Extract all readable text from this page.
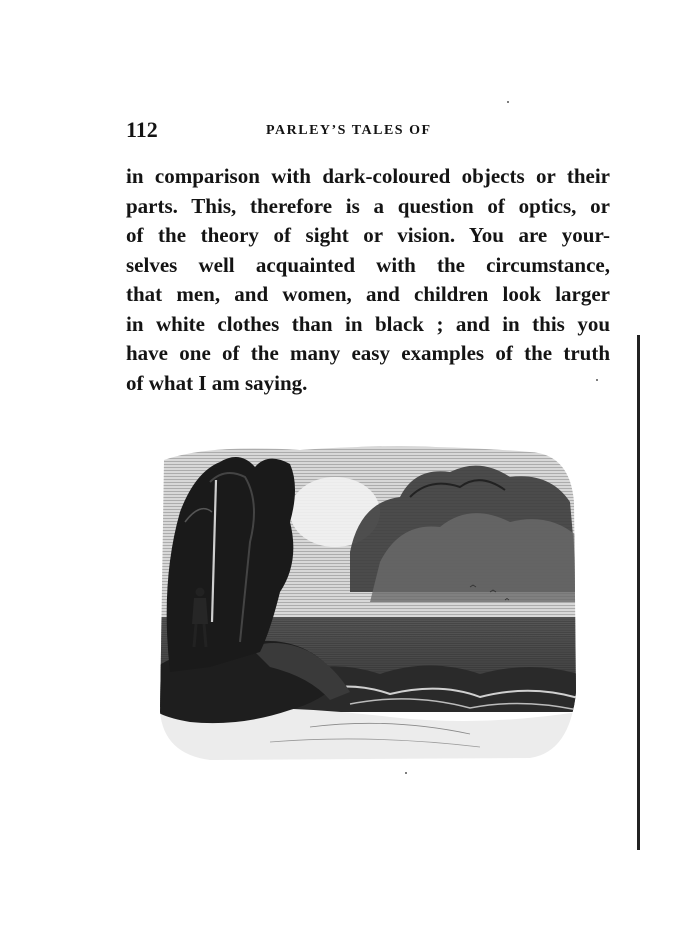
112	PARLEY’S TALES OF
in comparison with dark-coloured objects or their
parts. This, therefore is a question of optics, or
of the theory of sight or vision. You are your-
selves well acquainted with the circumstance,
that men, and women, and children look larger
in white clothes than in black ; and in this you
have one of the many easy examples of the truth
of what I am saying.
